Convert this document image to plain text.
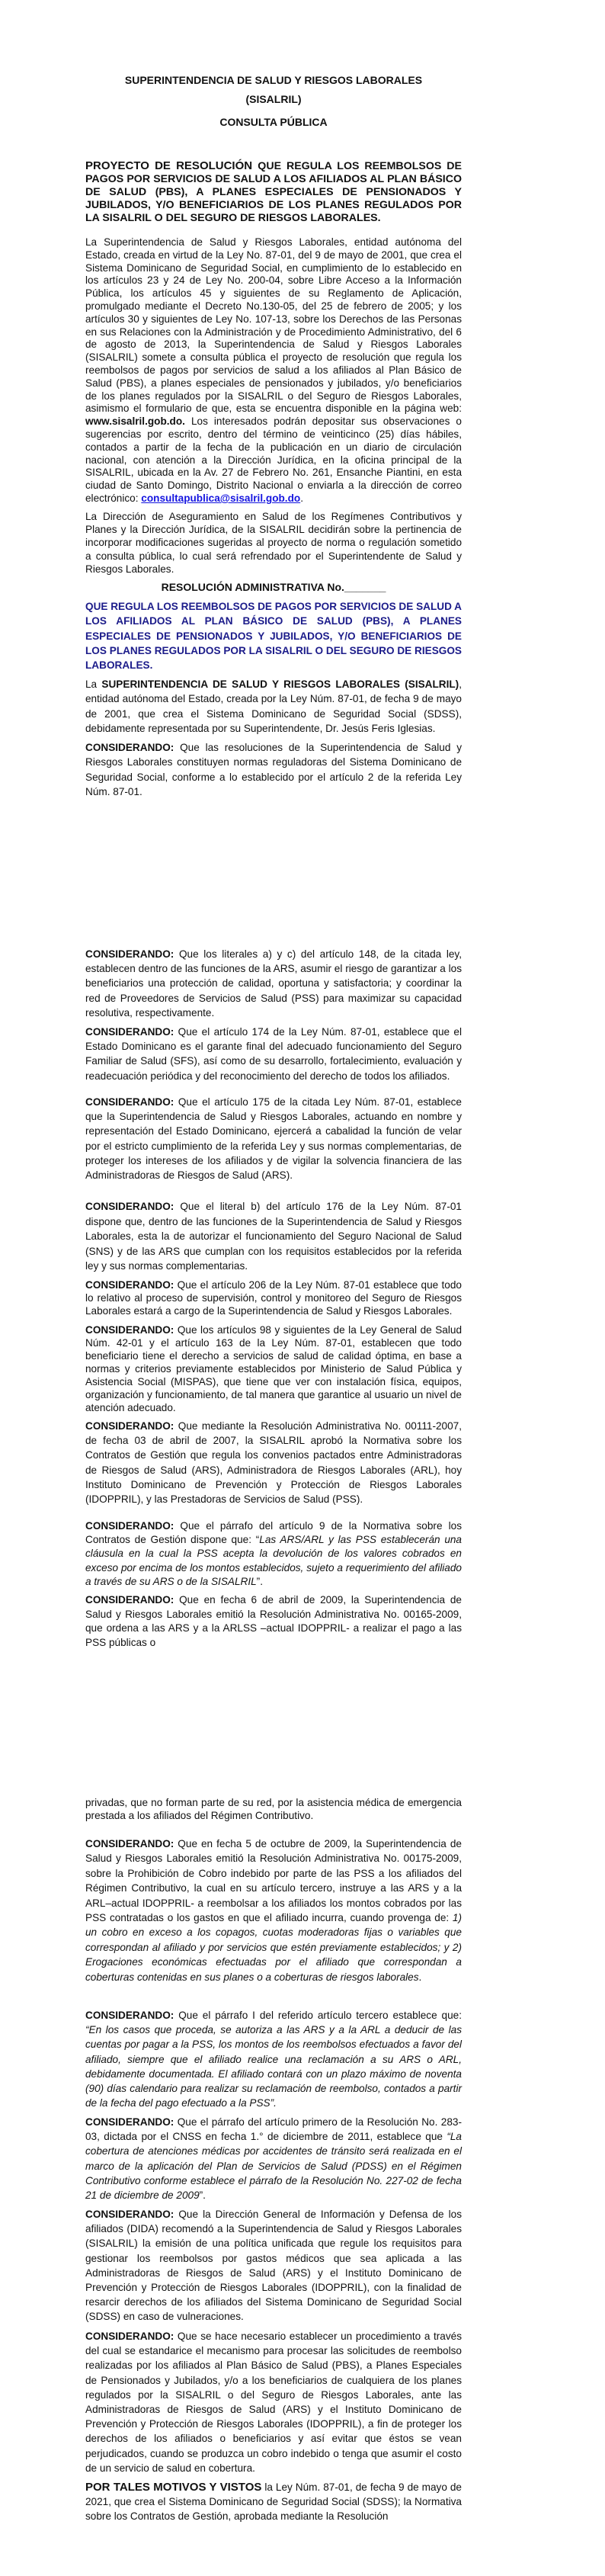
SUPERINTENDENCIA DE SALUD Y RIESGOS LABORALES
(SISALRIL)
CONSULTA PÚBLICA
PROYECTO DE RESOLUCIÓN QUE REGULA LOS REEMBOLSOS DE PAGOS POR SERVICIOS DE SALUD A LOS AFILIADOS AL PLAN BÁSICO DE SALUD (PBS), A PLANES ESPECIALES DE PENSIONADOS Y JUBILADOS, Y/O BENEFICIARIOS DE LOS PLANES REGULADOS POR LA SISALRIL O DEL SEGURO DE RIESGOS LABORALES.
La Superintendencia de Salud y Riesgos Laborales, entidad autónoma del Estado, creada en virtud de la Ley No. 87-01, del 9 de mayo de 2001, que crea el Sistema Dominicano de Seguridad Social, en cumplimiento de lo establecido en los artículos 23 y 24 de Ley No. 200-04, sobre Libre Acceso a la Información Pública, los artículos 45 y siguientes de su Reglamento de Aplicación, promulgado mediante el Decreto No.130-05, del 25 de febrero de 2005; y los artículos 30 y siguientes de Ley No. 107-13, sobre los Derechos de las Personas en sus Relaciones con la Administración y de Procedimiento Administrativo, del 6 de agosto de 2013, la Superintendencia de Salud y Riesgos Laborales (SISALRIL) somete a consulta pública el proyecto de resolución que regula los reembolsos de pagos por servicios de salud a los afiliados al Plan Básico de Salud (PBS), a planes especiales de pensionados y jubilados, y/o beneficiarios de los planes regulados por la SISALRIL o del Seguro de Riesgos Laborales, asimismo el formulario de que, esta se encuentra disponible en la página web: www.sisalril.gob.do. Los interesados podrán depositar sus observaciones o sugerencias por escrito, dentro del término de veinticinco (25) días hábiles, contados a partir de la fecha de la publicación en un diario de circulación nacional, con atención a la Dirección Jurídica, en la oficina principal de la SISALRIL, ubicada en la Av. 27 de Febrero No. 261, Ensanche Piantini, en esta ciudad de Santo Domingo, Distrito Nacional o enviarla a la dirección de correo electrónico: consultapublica@sisalril.gob.do.
La Dirección de Aseguramiento en Salud de los Regímenes Contributivos y Planes y la Dirección Jurídica, de la SISALRIL decidirán sobre la pertinencia de incorporar modificaciones sugeridas al proyecto de norma o regulación sometido a consulta pública, lo cual será refrendado por el Superintendente de Salud y Riesgos Laborales.
RESOLUCIÓN ADMINISTRATIVA No._______
QUE REGULA LOS REEMBOLSOS DE PAGOS POR SERVICIOS DE SALUD A LOS AFILIADOS AL PLAN BÁSICO DE SALUD (PBS), A PLANES ESPECIALES DE PENSIONADOS Y JUBILADOS, Y/O BENEFICIARIOS DE LOS PLANES REGULADOS POR LA SISALRIL O DEL SEGURO DE RIESGOS LABORALES.
La SUPERINTENDENCIA DE SALUD Y RIESGOS LABORALES (SISALRIL), entidad autónoma del Estado, creada por la Ley Núm. 87-01, de fecha 9 de mayo de 2001, que crea el Sistema Dominicano de Seguridad Social (SDSS), debidamente representada por su Superintendente, Dr. Jesús Feris Iglesias.
CONSIDERANDO: Que las resoluciones de la Superintendencia de Salud y Riesgos Laborales constituyen normas reguladoras del Sistema Dominicano de Seguridad Social, conforme a lo establecido por el artículo 2 de la referida Ley Núm. 87-01.
CONSIDERANDO: Que los literales a) y c) del artículo 148, de la citada ley, establecen dentro de las funciones de la ARS, asumir el riesgo de garantizar a los beneficiarios una protección de calidad, oportuna y satisfactoria; y coordinar la red de Proveedores de Servicios de Salud (PSS) para maximizar su capacidad resolutiva, respectivamente.
CONSIDERANDO: Que el artículo 174 de la Ley Núm. 87-01, establece que el Estado Dominicano es el garante final del adecuado funcionamiento del Seguro Familiar de Salud (SFS), así como de su desarrollo, fortalecimiento, evaluación y readecuación periódica y del reconocimiento del derecho de todos los afiliados.
CONSIDERANDO: Que el artículo 175 de la citada Ley Núm. 87-01, establece que la Superintendencia de Salud y Riesgos Laborales, actuando en nombre y representación del Estado Dominicano, ejercerá a cabalidad la función de velar por el estricto cumplimiento de la referida Ley y sus normas complementarias, de proteger los intereses de los afiliados y de vigilar la solvencia financiera de las Administradoras de Riesgos de Salud (ARS).
CONSIDERANDO: Que el literal b) del artículo 176 de la Ley Núm. 87-01 dispone que, dentro de las funciones de la Superintendencia de Salud y Riesgos Laborales, esta la de autorizar el funcionamiento del Seguro Nacional de Salud (SNS) y de las ARS que cumplan con los requisitos establecidos por la referida ley y sus normas complementarias.
CONSIDERANDO: Que el artículo 206 de la Ley Núm. 87-01 establece que todo lo relativo al proceso de supervisión, control y monitoreo del Seguro de Riesgos Laborales estará a cargo de la Superintendencia de Salud y Riesgos Laborales.
CONSIDERANDO: Que los artículos 98 y siguientes de la Ley General de Salud Núm. 42-01 y el artículo 163 de la Ley Núm. 87-01, establecen que todo beneficiario tiene el derecho a servicios de salud de calidad óptima, en base a normas y criterios previamente establecidos por Ministerio de Salud Pública y Asistencia Social (MISPAS), que tiene que ver con instalación física, equipos, organización y funcionamiento, de tal manera que garantice al usuario un nivel de atención adecuado.
CONSIDERANDO: Que mediante la Resolución Administrativa No. 00111-2007, de fecha 03 de abril de 2007, la SISALRIL aprobó la Normativa sobre los Contratos de Gestión que regula los convenios pactados entre Administradoras de Riesgos de Salud (ARS), Administradora de Riesgos Laborales (ARL), hoy Instituto Dominicano de Prevención y Protección de Riesgos Laborales (IDOPPRIL), y las Prestadoras de Servicios de Salud (PSS).
CONSIDERANDO: Que el párrafo del artículo 9 de la Normativa sobre los Contratos de Gestión dispone que: “Las ARS/ARL y las PSS establecerán una cláusula en la cual la PSS acepta la devolución de los valores cobrados en exceso por encima de los montos establecidos, sujeto a requerimiento del afiliado a través de su ARS o de la SISALRIL”.
CONSIDERANDO: Que en fecha 6 de abril de 2009, la Superintendencia de Salud y Riesgos Laborales emitió la Resolución Administrativa No. 00165-2009, que ordena a las ARS y a la ARLSS –actual IDOPPRIL- a realizar el pago a las PSS públicas o
privadas, que no forman parte de su red, por la asistencia médica de emergencia prestada a los afiliados del Régimen Contributivo.
CONSIDERANDO: Que en fecha 5 de octubre de 2009, la Superintendencia de Salud y Riesgos Laborales emitió la Resolución Administrativa No. 00175-2009, sobre la Prohibición de Cobro indebido por parte de las PSS a los afiliados del Régimen Contributivo, la cual en su artículo tercero, instruye a las ARS y a la ARL–actual IDOPPRIL- a reembolsar a los afiliados los montos cobrados por las PSS contratadas o los gastos en que el afiliado incurra, cuando provenga de: 1) un cobro en exceso a los copagos, cuotas moderadoras fijas o variables que correspondan al afiliado y por servicios que estén previamente establecidos; y 2) Erogaciones económicas efectuadas por el afiliado que correspondan a coberturas contenidas en sus planes o a coberturas de riesgos laborales.
CONSIDERANDO: Que el párrafo I del referido artículo tercero establece que: “En los casos que proceda, se autoriza a las ARS y a la ARL a deducir de las cuentas por pagar a la PSS, los montos de los reembolsos efectuados a favor del afiliado, siempre que el afiliado realice una reclamación a su ARS o ARL, debidamente documentada. El afiliado contará con un plazo máximo de noventa (90) días calendario para realizar su reclamación de reembolso, contados a partir de la fecha del pago efectuado a la PSS”.
CONSIDERANDO: Que el párrafo del artículo primero de la Resolución No. 283-03, dictada por el CNSS en fecha 1.° de diciembre de 2011, establece que “La cobertura de atenciones médicas por accidentes de tránsito será realizada en el marco de la aplicación del Plan de Servicios de Salud (PDSS) en el Régimen Contributivo conforme establece el párrafo de la Resolución No. 227-02 de fecha 21 de diciembre de 2009”.
CONSIDERANDO: Que la Dirección General de Información y Defensa de los afiliados (DIDA) recomendó a la Superintendencia de Salud y Riesgos Laborales (SISALRIL) la emisión de una política unificada que regule los requisitos para gestionar los reembolsos por gastos médicos que sea aplicada a las Administradoras de Riesgos de Salud (ARS) y el Instituto Dominicano de Prevención y Protección de Riesgos Laborales (IDOPPRIL), con la finalidad de resarcir derechos de los afiliados del Sistema Dominicano de Seguridad Social (SDSS) en caso de vulneraciones.
CONSIDERANDO: Que se hace necesario establecer un procedimiento a través del cual se estandarice el mecanismo para procesar las solicitudes de reembolso realizadas por los afiliados al Plan Básico de Salud (PBS), a Planes Especiales de Pensionados y Jubilados, y/o a los beneficiarios de cualquiera de los planes regulados por la SISALRIL o del Seguro de Riesgos Laborales, ante las Administradoras de Riesgos de Salud (ARS) y el Instituto Dominicano de Prevención y Protección de Riesgos Laborales (IDOPPRIL), a fin de proteger los derechos de los afiliados o beneficiarios y así evitar que éstos se vean perjudicados, cuando se produzca un cobro indebido o tenga que asumir el costo de un servicio de salud en cobertura.
POR TALES MOTIVOS Y VISTOS la Ley Núm. 87-01, de fecha 9 de mayo de 2021, que crea el Sistema Dominicano de Seguridad Social (SDSS); la Normativa sobre los Contratos de Gestión, aprobada mediante la Resolución
